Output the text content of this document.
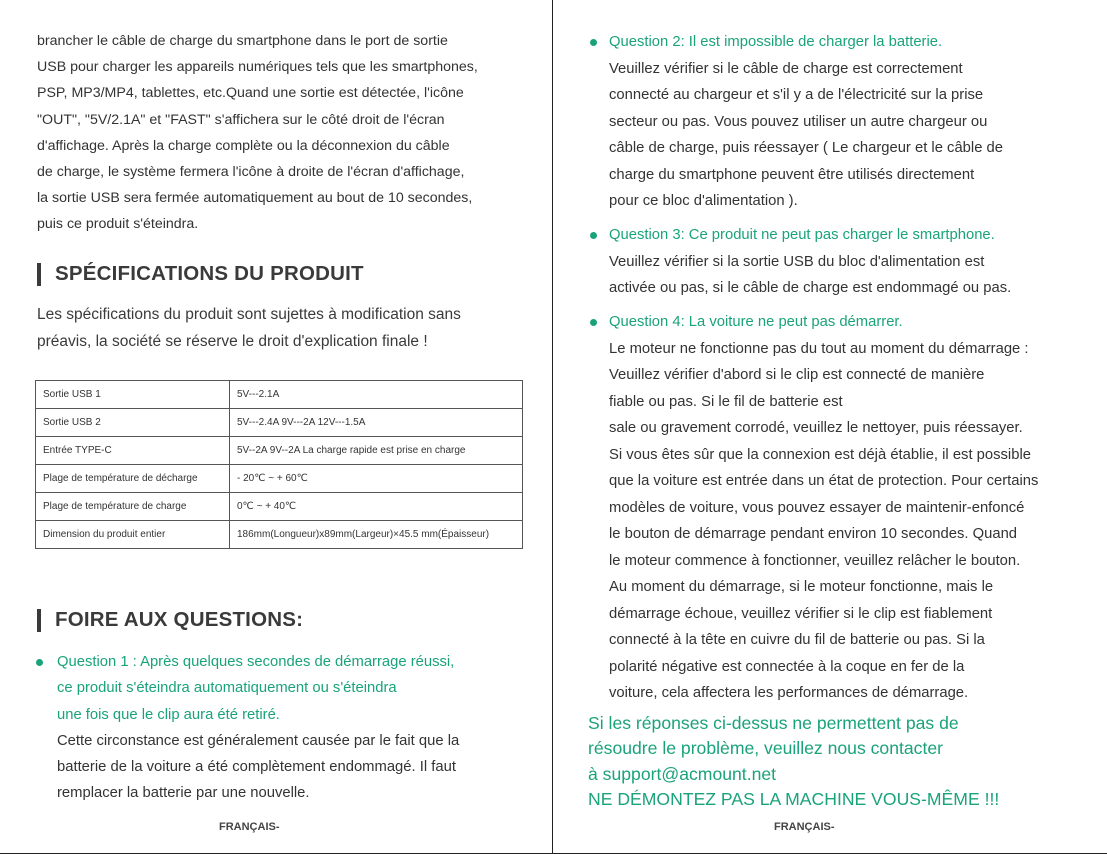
brancher le câble de charge du smartphone dans le port de sortie
USB pour charger les appareils numériques tels que les smartphones,
PSP, MP3/MP4, tablettes, etc.Quand une sortie est détectée, l'icône
"OUT", "5V/2.1A" et "FAST" s'affichera sur le côté droit de l'écran
d'affichage. Après la charge complète ou la déconnexion du câble
de charge, le système fermera l'icône à droite de l'écran d'affichage,
la sortie USB sera fermée automatiquement au bout de 10 secondes,
puis ce produit s'éteindra.

SPÉCIFICATIONS DU PRODUIT

Les spécifications du produit sont sujettes à modification sans
préavis, la société se réserve le droit d'explication finale !

Sortie USB 1	5V---2.1A
Sortie USB 2	5V---2.4A 9V---2A 12V---1.5A
Entrée TYPE-C	5V--2A 9V--2A La charge rapide est prise en charge
Plage de température de décharge	- 20℃ ~ + 60℃
Plage de température de charge	0℃ ~ + 40℃
Dimension du produit entier	186mm(Longueur)x89mm(Largeur)×45.5 mm(Épaisseur)
FOIRE AUX QUESTIONS:
Question 1 : Après quelques secondes de démarrage réussi,
ce produit s'éteindra automatiquement ou s'éteindra
une fois que le clip aura été retiré.
Cette circonstance est généralement causée par le fait que la
batterie de la voiture a été complètement endommagé. Il faut
remplacer la batterie par une nouvelle.
FRANÇAIS-
Question 2: Il est impossible de charger la batterie.
Veuillez vérifier si le câble de charge est correctement
connecté au chargeur et s'il y a de l'électricité sur la prise
secteur ou pas. Vous pouvez utiliser un autre chargeur ou
câble de charge, puis réessayer ( Le chargeur et le câble de
charge du smartphone peuvent être utilisés directement
pour ce bloc d'alimentation ).
Question 3: Ce produit ne peut pas charger le smartphone.
Veuillez vérifier si la sortie USB du bloc d'alimentation est
activée ou pas, si le câble de charge est endommagé ou pas.
Question 4: La voiture ne peut pas démarrer.
Le moteur ne fonctionne pas du tout au moment du démarrage :
Veuillez vérifier d'abord si le clip est connecté de manière
fiable ou pas. Si le fil de batterie est
sale ou gravement corrodé, veuillez le nettoyer, puis réessayer.
Si vous êtes sûr que la connexion est déjà établie, il est possible
que la voiture est entrée dans un état de protection. Pour certains
modèles de voiture, vous pouvez essayer de maintenir-enfoncé
le bouton de démarrage pendant environ 10 secondes. Quand
le moteur commence à fonctionner, veuillez relâcher le bouton.
Au moment du démarrage, si le moteur fonctionne, mais le
démarrage échoue, veuillez vérifier si le clip est fiablement
connecté à la tête en cuivre du fil de batterie ou pas. Si la
polarité négative est connectée à la coque en fer de la
voiture, cela affectera les performances de démarrage.
Si les réponses ci-dessus ne permettent pas de
résoudre le problème, veuillez nous contacter
à support@acmount.net
NE DÉMONTEZ PAS LA MACHINE VOUS-MÊME !!!
FRANÇAIS-
